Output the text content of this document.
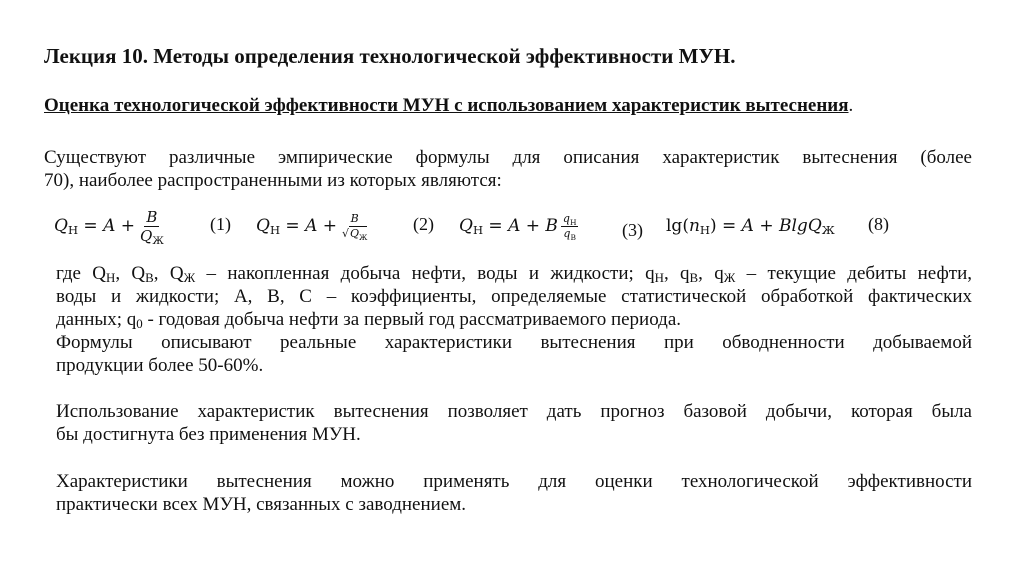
Лекция 10. Методы определения технологической эффективности МУН.
Оценка технологической эффективности МУН с использованием характеристик вытеснения.
Существуют различные эмпирические формулы для описания характеристик вытеснения (более
70), наиболее распространенными из которых являются:
$Q_Н = A + \frac{B}{Q_Ж} (1) Q_Н = A + \frac{B}{√Q_Ж} (2) Q_Н = A + B \frac{q_Н}{q_В} (3) \lg(n_Н) = A + BlgQ_Ж$ (8)
где $Q_Н$, $Q_В$, $Q_Ж$ – накопленная добыча нефти, воды и жидкости; $q_Н$, $q_В$, $q_Ж$ – текущие дебиты нефти,
воды и жидкости; А, В, С – коэффициенты, определяемые статистической обработкой фактических
данных; $q_0$ - годовая добыча нефти за первый год рассматриваемого периода.
Формулы описывают реальные характеристики вытеснения при обводненности добываемой
продукции более 50-60%.
Использование характеристик вытеснения позволяет дать прогноз базовой добычи, которая была
бы достигнута без применения МУН.
Характеристики вытеснения можно применять для оценки технологической эффективности
практически всех МУН, связанных с заводнением.
